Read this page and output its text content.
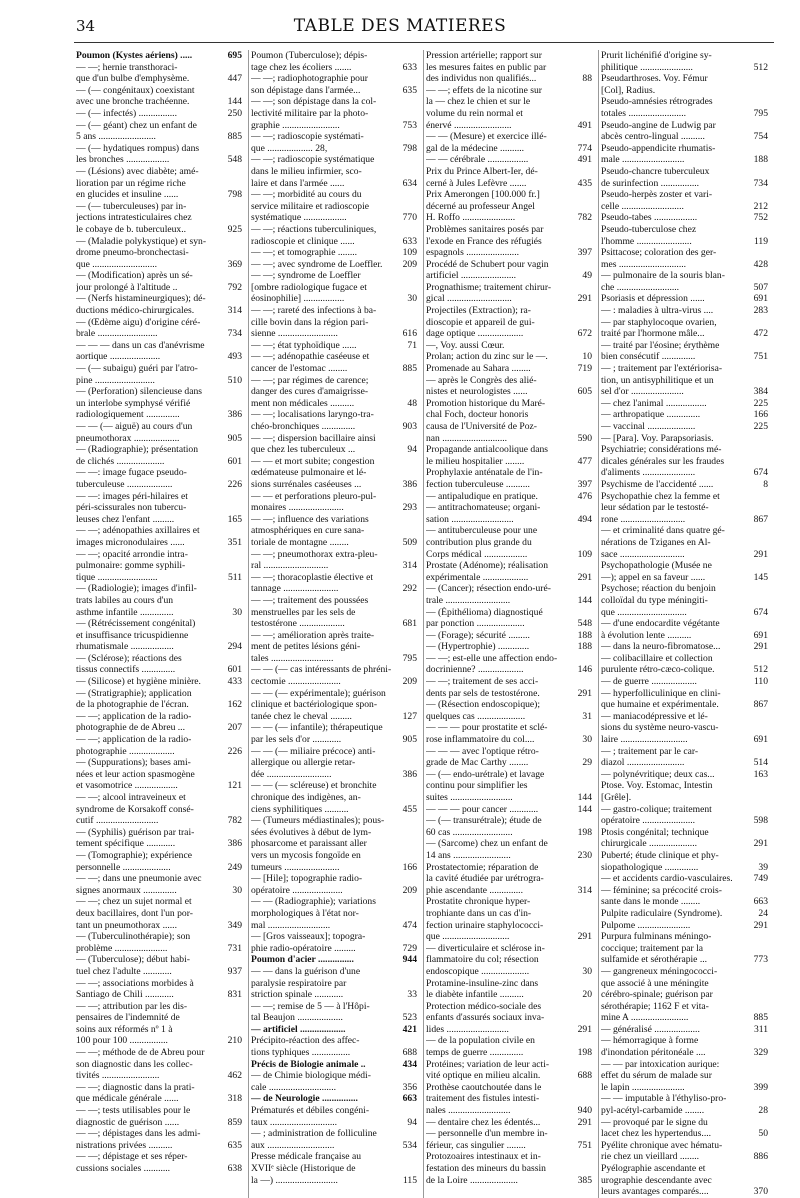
34	TABLE DES MATIERES
Poumon (Kystes aériens) .....	695
— —; hernie transthoraci-
que d'un bulbe d'emphysème.	447
— (— congénitaux) coexistant
avec une bronche trachéenne.	144
— (— infectés) ................	250
— (— géant) chez un enfant de
5 ans ........................	885
— (— hydatiques rompus) dans
les bronches ..................	548
— (Lésions) avec diabète; amé-
lioration par un régime riche
en glucides et insuline ......	798
— (— tuberculeuses) par in-
jections intratesticulaires chez
le cobaye de b. tuberculeux..	925
— (Maladie polykystique) et syn-
drome pneumo-bronchectasi-
que ...........................	369
— (Modification) après un sé-
jour prolongé à l'altitude ..	792
— (Nerfs histamineurgiques); dé-
ductions médico-chirurgicales.	314
— (Œdème aigu) d'origine céré-
brale .........................	734
— — — dans un cas d'anévrisme
aortique .....................	493
— (— subaigu) guéri par l'atro-
pine .........................	510
— (Perforation) silencieuse dans
un interlobe symphysé vérifié
radiologiquement ..............	386
— — (— aiguë) au cours d'un
pneumothorax ...................	905
— (Radiographie); présentation
de clichés ....................	601
— —: image fugace pseudo-
tuberculeuse ...................	226
— —: images péri-hilaires et
péri-scissurales non tubercu-
leuses chez l'enfant .........	165
— —; adénopathies axillaires et
images micronodulaires ......	351
— —; opacité arrondie intra-
pulmonaire: gomme syphili-
tique .........................	511
— (Radiologie); images d'infil-
trats labiles au cours d'un
asthme infantile ..............	30
— (Rétrécissement congénital)
et insuffisance tricuspidienne
rhumatismale ..................	294
— (Sclérose); réactions des
tissus connectifs ..............	601
— (Silicose) et hygiène minière.	433
— (Stratigraphie); application
de la photographie de l'écran.	162
— —; application de la radio-
photographie de de Abreu ...	207
— —; application de la radio-
photographie ...................	226
— (Suppurations); bases ami-
nées et leur action spasmogène
et vasomotrice ..................	121
— —; alcool intraveineux et
syndrome de Korsakoff consé-
cutif ..........................	782
— (Syphilis) guérison par trai-
tement spécifique ............	386
— (Tomographie); expérience
personnelle ....................	249
— —; dans une pneumonie avec
signes anormaux ..............	30
— —; chez un sujet normal et
deux bacillaires, dont l'un por-
tant un pneumothorax ......	349
— (Tuberculinothérapie); son
problème ......................	731
— (Tuberculose); début habi-
tuel chez l'adulte ............	937
— —; associations morbides à
Santiago de Chili ............	831
— —; attribution par les dis-
pensaires de l'indemnité de
soins aux réformés nº 1 à
100 pour 100 ................	210
— —; méthode de de Abreu pour
son diagnostic dans les collec-
tivités ........................	462
— —; diagnostic dans la prati-
que médicale générale ......	318
— —; tests utilisables pour le
diagnostic de guérison ......	859
— —; dépistages dans les admi-
nistrations privées ..........	635
— —; dépistage et ses réper-
cussions sociales ...........	638
Poumon (Tuberculose); dépis-
tage chez les écoliers .......	633
— —; radiophotographie pour
son dépistage dans l'armée...	635
— —; son dépistage dans la col-
lectivité militaire par la photo-
graphie ........................	753
— —; radioscopie systémati-
que ................... 28,	798
— —; radioscopie systématique
dans le milieu infirmier, sco-
laire et dans l'armée ......	634
— —; morbidité au cours du
service militaire et radioscopie
systématique ..................	770
— —; réactions tuberculiniques,
radioscopie et clinique ......	633
— —; et tomographie ........	109
— —; avec syndrome de Loeffler.	209
— —; syndrome de Loeffler
[ombre radiologique fugace et
éosinophilie] .................	30
— —; rareté des infections à ba-
cille bovin dans la région pari-
sienne .........................	616
— —; état typhoïdique ......	71
— —; adénopathie caséeuse et
cancer de l'estomac ........	885
— —; par régimes de carence;
danger des cures d'amaigrisse-
ment non médicales ..........	48
— —; localisations laryngo-tra-
chéo-bronchiques ..............	903
— —; dispersion bacillaire ainsi
que chez les tuberculeux ...	94
— — et mort subite; congestion
œdémateuse pulmonaire et lé-
sions surrénales caséeuses ...	386
— — et perforations pleuro-pul-
monaires .......................	293
— —; influence des variations
atmosphériques en cure sana-
toriale de montagne ........	509
— —; pneumothorax extra-pleu-
ral ...........................	314
— —; thoracoplastie élective et
tannage .......................	292
— —; traitement des poussées
menstruelles par les sels de
testostérone ...................	681
— —; amélioration après traite-
ment de petites lésions géni-
tales ..........................	795
— — (— cas intéressants de phréni-
cectomie ......................	209
— — (— expérimentale); guérison
clinique et bactériologique spon-
tanée chez le cheval .........	127
— — (— infantile); thérapeutique
par les sels d'or ............	905
— — (— miliaire précoce) anti-
allergique ou allergie retar-
dée ...........................	386
— — (— scléreuse) et bronchite
chronique des indigènes, an-
ciens syphilitiques ..........	455
— (Tumeurs médiastinales); pous-
sées évolutives à début de lym-
phosarcome et paraissant aller
vers un mycosis fongoïde en
tumeurs .......................	166
— [Hile]; topographie radio-
opératoire .....................	209
— — (Radiographie); variations
morphologiques à l'état nor-
mal ..........................	474
— [Gros vaisseaux]; topogra-
phie radio-opératoire .........	729
Poumon d'acier ...............	944
— — dans la guérison d'une
paralysie respiratoire par
striction spinale ............	33
— —; remise de 5 — à l'Hôpi-
tal Beaujon ...................	523
— artificiel ...................	421
Précipito-réaction des affec-
tions typhiques ................	688
Précis de Biologie animale ..	434
— de Chimie biologique médi-
cale ............................	356
— de Neurologie ...............	663
Prématurés et débiles congéni-
taux ............................	94
— ; administration de folliculine
aux ............................	534
Presse médicale française au
XVIIᵉ siècle (Historique de
la —) ..........................	115
Pression artérielle; rapport sur
les mesures faites en public par
des individus non qualifiés...	88
— —; effets de la nicotine sur
la — chez le chien et sur le
volume du rein normal et
énervé ........................	491
— — (Mesure) et exercice illé-
gal de la médecine ..........	774
— — cérébrale .................	491
Prix du Prince Albert-Ier, dé-
cerné à Jules Lefèvre .......	435
Prix Amerongen [100.000 fr.]
décerné au professeur Angel
H. Roffo ......................	782
Problèmes sanitaires posés par
l'exode en France des réfugiés
espagnols ......................	397
Procédé de Schubert pour vagin
artificiel .......................	49
Prognathisme; traitement chirur-
gical ...........................	291
Projectiles (Extraction); ra-
dioscopie et appareil de gui-
dage optique ...................	672
—, Voy. aussi Cœur.
Prolan; action du zinc sur le —.	10
Promenade au Sahara ........	719
— après le Congrès des alié-
nistes et neurologistes ......	605
Promotion historique du Maré-
chal Foch, docteur honoris
causa de l'Université de Poz-
nan ...........................	590
Propagande antialcoolique dans
le milieu hospitalier ........	477
Prophylaxie anténatale de l'in-
fection tuberculeuse ..........	397
— antipaludique en pratique.	476
— antitrachomateuse; organi-
sation ..........................	494
— antituberculeuse pour une
contribution plus grande du
Corps médical ..................	109
Prostate (Adénome); réalisation
expérimentale ...................	291
— (Cancer); résection endo-uré-
trale ...........................	144
— (Épithélioma) diagnostiqué
par ponction ....................	548
— (Forage); sécurité .........	188
— (Hypertrophie) .............	188
— —; est-elle une affection endo-
docrinienne? ...................	146
— —; traitement de ses acci-
dents par sels de testostérone.	291
— (Résection endoscopique);
quelques cas ....................	31
— — — pour prostatite et sclé-
rose inflammatoire du col....	30
— — — avec l'optique rétro-
grade de Mac Carthy ........	29
— (— endo-urétrale) et lavage
continu pour simplifier les
suites ..........................	144
— — — pour cancer ............	144
— (— transurétrale); étude de
60 cas .........................	198
— (Sarcome) chez un enfant de
14 ans ........................	230
Prostatectomie; réparation de
la cavité étudiée par urétrogra-
phie ascendante ..............	314
Prostatite chronique hyper-
trophiante dans un cas d'in-
fection urinaire staphylococci-
que ............................	291
— diverticulaire et sclérose in-
flammatoire du col; résection
endoscopique ....................	30
Protamine-insuline-zinc dans
le diabète infantile ..........	20
Protection médico-sociale des
enfants d'assurés sociaux inva-
lides ..........................	291
— de la population civile en
temps de guerre ..............	198
Protéines; variation de leur acti-
vité optique en milieu alcalin.	688
Prothèse caoutchoutée dans le
traitement des fistules intesti-
nales ..........................	940
— dentaire chez les édentés...	291
— personnelle d'un membre in-
férieur, cas singulier ........	751
Protozoaires intestinaux et in-
festation des mineurs du bassin
de la Loire ....................	385
Prurit lichénifié d'origine sy-
philitique ......................	512
Pseudarthroses. Voy. Fémur
[Col], Radius.
Pseudo-amnésies rétrogrades
totales ........................	795
Pseudo-angine de Ludwig par
abcès centro-lingual ..........	754
Pseudo-appendicite rhumatis-
male ..........................	188
Pseudo-chancre tuberculeux
de surinfection ................	734
Pseudo-herpès zoster et vari-
celle ..........................	212
Pseudo-tabes ..................	752
Pseudo-tuberculose chez
l'homme .......................	119
Psittacose; coloration des ger-
mes ............................	428
— pulmonaire de la souris blan-
che ..........................	507
Psoriasis et dépression ......	691
— : maladies à ultra-virus ....	283
— par staphylocoque ovarien,
traité par l'hormone mâle...	472
— traité par l'éosine; érythème
bien consécutif ..............	751
— ; traitement par l'extériorisa-
tion, un antisyphilitique et un
sel d'or ......................	384
— chez l'animal .................	225
— arthropatique ..............	166
— vaccinal ....................	225
— [Para]. Voy. Parapsoriasis.
Psychiatrie; considérations mé-
dicales générales sur les fraudes
d'aliments ......................	674
Psychisme de l'accidenté ......	8
Psychopathie chez la femme et
leur sédation par le testosté-
rone ...........................	867
— et criminalité dans quatre gé-
nérations de Tziganes en Al-
sace ...........................	291
Psychopathologie (Musée ne
—); appel en sa faveur ......	145
Psychose; réaction du benjoin
colloïdal du type méningiti-
que .............................	674
— d'une endocardite végétante
à évolution lente ..........	691
— dans la neuro-fibromatose...	291
— colibacillaire et collection
purulente rétro-cæco-colique.	512
— de guerre ...................	110
— hyperfolliculinique en clini-
que humaine et expérimentale.	867
— maniacodépressive et lé-
sions du système neuro-vascu-
laire ............................	691
— ; traitement par le car-
diazol ........................	514
— polynévritique; deux cas...	163
Ptose. Voy. Estomac, Intestin
[Grêle].
— gastro-colique; traitement
opératoire ......................	598
Ptosis congénital; technique
chirurgicale ....................	291
Puberté; étude clinique et phy-
siopathologique ..............	39
— et accidents cardio-vasculaires.	749
— féminine; sa précocité crois-
sante dans le monde ........	663
Pulpite radiculaire (Syndrome).	24
Pulpome ......................	291
Purpura fulminans méningo-
coccique; traitement par la
sulfamide et sérothérapie ...	773
— gangreneux méningococci-
que associé à une méningite
cérébro-spinale; guérison par
sérothérapie; 1162 F et vita-
mine A ........................	885
— généralisé ...................	311
— hémorragique à forme
d'inondation péritonéale ....	329
— — par intoxication aurique:
effet du sérum de malade sur
le lapin ......................	399
— — imputable à l'éthyliso-pro-
pyl-acétyl-carbamide ........	28
— provoqué par le signe du
lacet chez les hypertendus....	50
Pyélite chronique avec hématu-
rie chez un vieillard ........	886
Pyélographie ascendante et
urographie descendante avec
leurs avantages comparés....	370
